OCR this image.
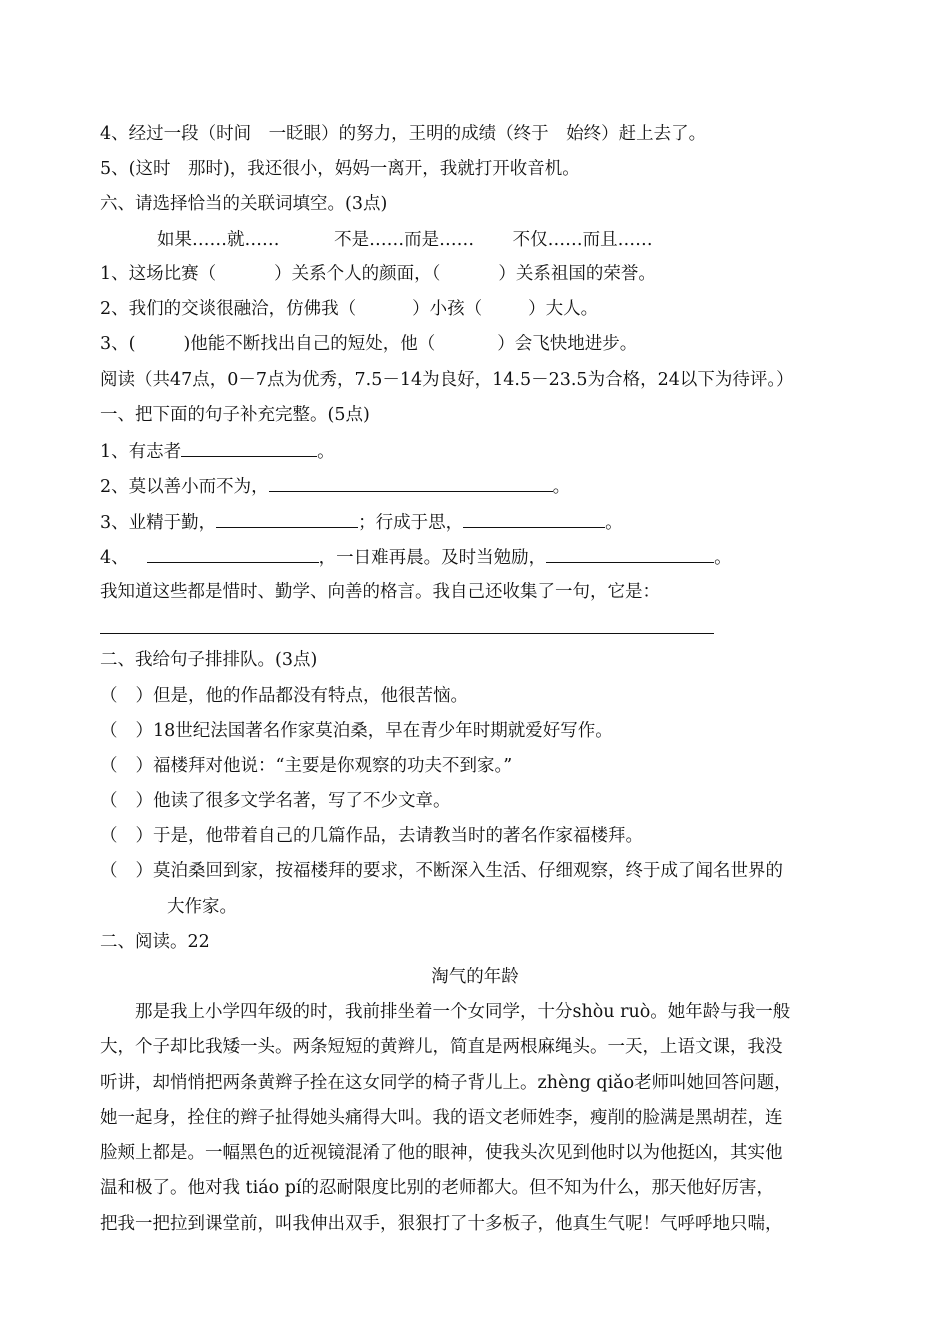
4、经过一段（时间　一眨眼）的努力，王明的成绩（终于　始终）赶上去了。
5、(这时　那时)，我还很小，妈妈一离开，我就打开收音机。
六、请选择恰当的关联词填空。(3点)
如果……就……	不是……而是…… 不仅……而且……
1、这场比赛（	）关系个人的颜面，（	）关系祖国的荣誉。
2、我们的交谈很融洽，仿佛我（	）小孩（	）大人。
3、(	)他能不断找出自己的短处，他（	）会飞快地进步。
阅读（共47点，0－7点为优秀，7.5－14为良好，14.5－23.5为合格，24以下为待评。）
一、把下面的句子补充完整。(5点)
1、有志者	。
2、莫以善小而不为，	。
3、业精于勤，	；行成于思，	。
4、	，一日难再晨。及时当勉励，	。
我知道这些都是惜时、勤学、向善的格言。我自己还收集了一句，它是：
二、我给句子排排队。(3点)
（ ）但是，他的作品都没有特点，他很苦恼。
（ ）18世纪法国著名作家莫泊桑，早在青少年时期就爱好写作。
（ ）福楼拜对他说：“主要是你观察的功夫不到家。”
（ ）他读了很多文学名著，写了不少文章。
（ ）于是，他带着自己的几篇作品，去请教当时的著名作家福楼拜。
（ ）莫泊桑回到家，按福楼拜的要求，不断深入生活、仔细观察，终于成了闻名世界的
大作家。
二、阅读。22
淘气的年龄
　　那是我上小学四年级的时，我前排坐着一个女同学，十分shòu ruò。她年龄与我一般
大，个子却比我矮一头。两条短短的黄辫儿，简直是两根麻绳头。一天，上语文课，我没
听讲，却悄悄把两条黄辫子拴在这女同学的椅子背儿上。zhèng qiǎo老师叫她回答问题，
她一起身，拴住的辫子扯得她头痛得大叫。我的语文老师姓李，瘦削的脸满是黑胡茬，连
脸颊上都是。一幅黑色的近视镜混淆了他的眼神，使我头次见到他时以为他挺凶，其实他
温和极了。他对我 tiáo pí的忍耐限度比别的老师都大。但不知为什么，那天他好厉害，
把我一把拉到课堂前，叫我伸出双手，狠狠打了十多板子，他真生气呢！气呼呼地只喘，
